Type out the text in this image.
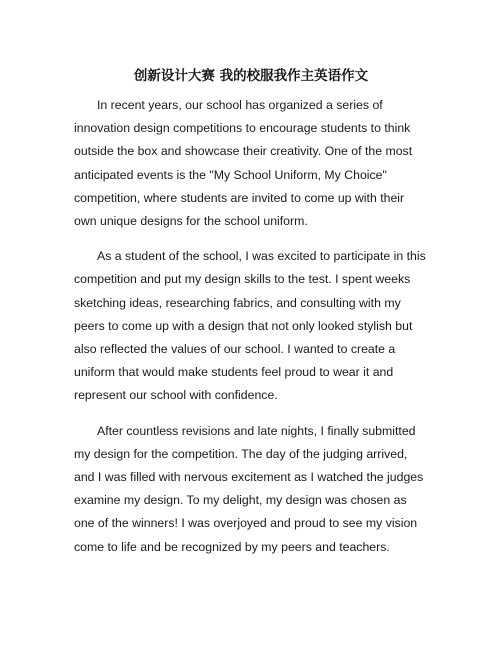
创新设计大赛 我的校服我作主英语作文

In recent years, our school has organized a series of innovation design competitions to encourage students to think outside the box and showcase their creativity. One of the most anticipated events is the "My School Uniform, My Choice" competition, where students are invited to come up with their own unique designs for the school uniform.

As a student of the school, I was excited to participate in this competition and put my design skills to the test. I spent weeks sketching ideas, researching fabrics, and consulting with my peers to come up with a design that not only looked stylish but also reflected the values of our school. I wanted to create a uniform that would make students feel proud to wear it and represent our school with confidence.

After countless revisions and late nights, I finally submitted my design for the competition. The day of the judging arrived, and I was filled with nervous excitement as I watched the judges examine my design. To my delight, my design was chosen as one of the winners! I was overjoyed and proud to see my vision come to life and be recognized by my peers and teachers.
